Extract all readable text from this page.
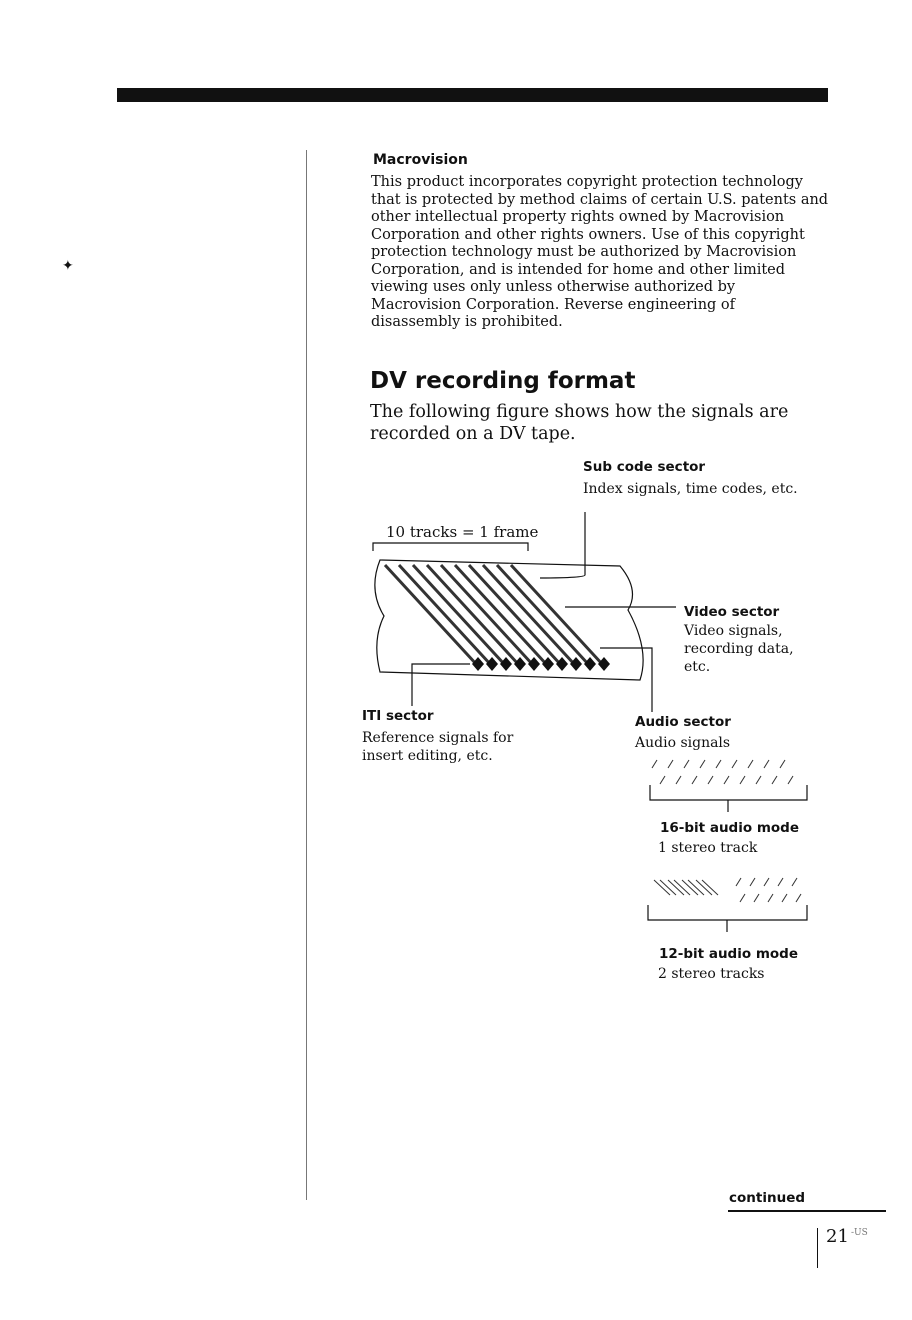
✦
Macrovision
This product incorporates copyright protection technology
that is protected by method claims of certain U.S. patents and
other intellectual property rights owned by Macrovision
Corporation and other rights owners. Use of this copyright
protection technology must be authorized by Macrovision
Corporation, and is intended for home and other limited
viewing uses only unless otherwise authorized by
Macrovision Corporation. Reverse engineering of
disassembly is prohibited.
DV recording format
The following figure shows how the signals are
recorded on a DV tape.
Sub code sector
Index signals, time codes, etc.
10 tracks = 1 frame
Video sector
Video signals,
recording data,
etc.
ITI sector
Reference signals for
insert editing, etc.
Audio sector
Audio signals
16-bit audio mode
1 stereo track
12-bit audio mode
2 stereo tracks
continued
21 -US
